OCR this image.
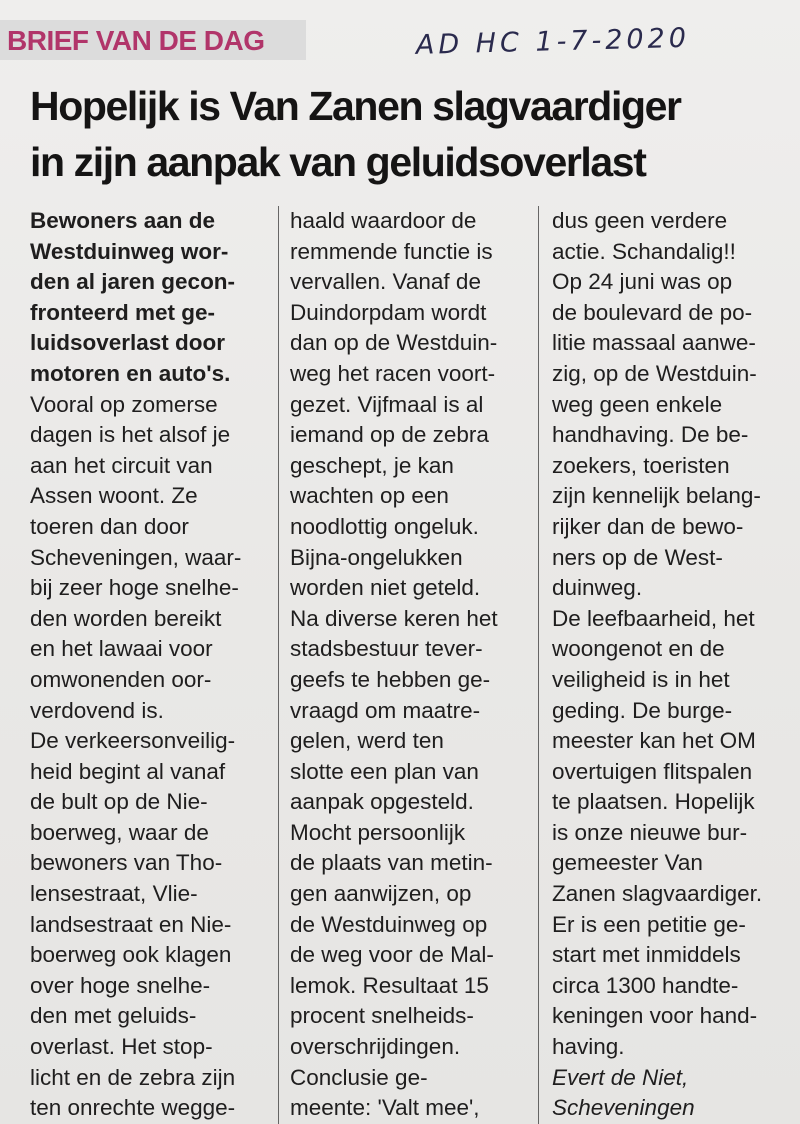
BRIEF VAN DE DAG	AD HC 1-7-2020
Hopelijk is Van Zanen slagvaardiger
in zijn aanpak van geluidsoverlast
Bewoners aan de
Westduinweg wor-
den al jaren gecon-
fronteerd met ge-
luidsoverlast door
motoren en auto's.
Vooral op zomerse
dagen is het alsof je
aan het circuit van
Assen woont. Ze
toeren dan door
Scheveningen, waar-
bij zeer hoge snelhe-
den worden bereikt
en het lawaai voor
omwonenden oor-
verdovend is.
De verkeersonveilig-
heid begint al vanaf
de bult op de Nie-
boerweg, waar de
bewoners van Tho-
lensestraat, Vlie-
landsestraat en Nie-
boerweg ook klagen
over hoge snelhe-
den met geluids-
overlast. Het stop-
licht en de zebra zijn
ten onrechte wegge-
haald waardoor de
remmende functie is
vervallen. Vanaf de
Duindorpdam wordt
dan op de Westduin-
weg het racen voort-
gezet. Vijfmaal is al
iemand op de zebra
geschept, je kan
wachten op een
noodlottig ongeluk.
Bijna-ongelukken
worden niet geteld.
Na diverse keren het
stadsbestuur tever-
geefs te hebben ge-
vraagd om maatre-
gelen, werd ten
slotte een plan van
aanpak opgesteld.
Mocht persoonlijk
de plaats van metin-
gen aanwijzen, op
de Westduinweg op
de weg voor de Mal-
lemok. Resultaat 15
procent snelheids-
overschrijdingen.
Conclusie ge-
meente: 'Valt mee',
dus geen verdere
actie. Schandalig!!
Op 24 juni was op
de boulevard de po-
litie massaal aanwe-
zig, op de Westduin-
weg geen enkele
handhaving. De be-
zoekers, toeristen
zijn kennelijk belang-
rijker dan de bewo-
ners op de West-
duinweg.
De leefbaarheid, het
woongenot en de
veiligheid is in het
geding. De burge-
meester kan het OM
overtuigen flitspalen
te plaatsen. Hopelijk
is onze nieuwe bur-
gemeester Van
Zanen slagvaardiger.
Er is een petitie ge-
start met inmiddels
circa 1300 handte-
keningen voor hand-
having.
Evert de Niet,
Scheveningen
